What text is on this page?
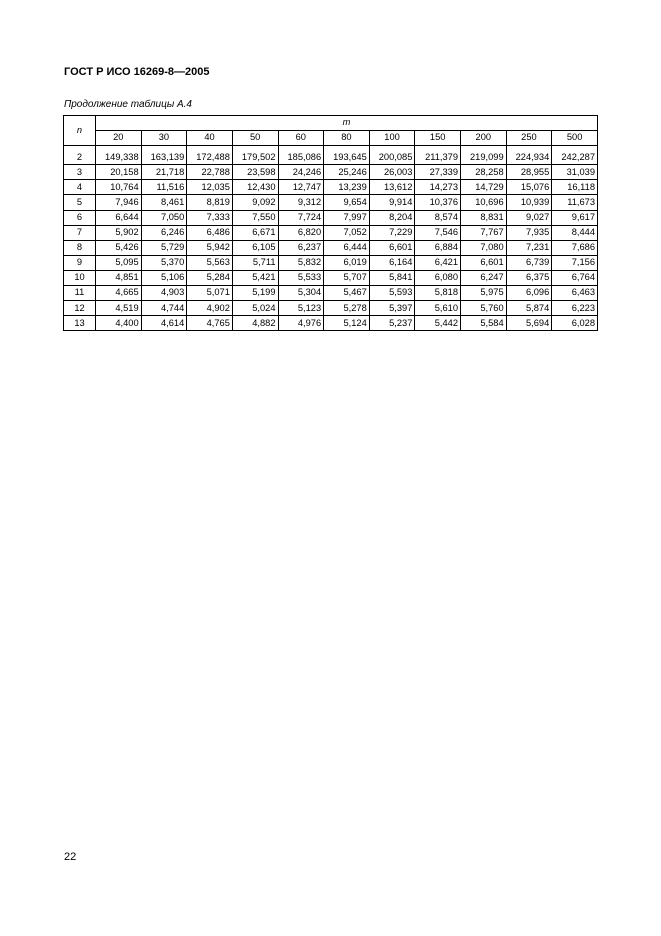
ГОСТ Р ИСО 16269-8—2005
Продолжение таблицы А.4
n	m										
	20	30	40	50	60	80	100	150	200	250	500
2	149,338	163,139	172,488	179,502	185,086	193,645	200,085	211,379	219,099	224,934	242,287
3	20,158	21,718	22,788	23,598	24,246	25,246	26,003	27,339	28,258	28,955	31,039
4	10,764	11,516	12,035	12,430	12,747	13,239	13,612	14,273	14,729	15,076	16,118
5	7,946	8,461	8,819	9,092	9,312	9,654	9,914	10,376	10,696	10,939	11,673
6	6,644	7,050	7,333	7,550	7,724	7,997	8,204	8,574	8,831	9,027	9,617
7	5,902	6,246	6,486	6,671	6,820	7,052	7,229	7,546	7,767	7,935	8,444
8	5,426	5,729	5,942	6,105	6,237	6,444	6,601	6,884	7,080	7,231	7,686
9	5,095	5,370	5,563	5,711	5,832	6,019	6,164	6,421	6,601	6,739	7,156
10	4,851	5,106	5,284	5,421	5,533	5,707	5,841	6,080	6,247	6,375	6,764
11	4,665	4,903	5,071	5,199	5,304	5,467	5,593	5,818	5,975	6,096	6,463
12	4,519	4,744	4,902	5,024	5,123	5,278	5,397	5,610	5,760	5,874	6,223
13	4,400	4,614	4,765	4,882	4,976	5,124	5,237	5,442	5,584	5,694	6,028
22
